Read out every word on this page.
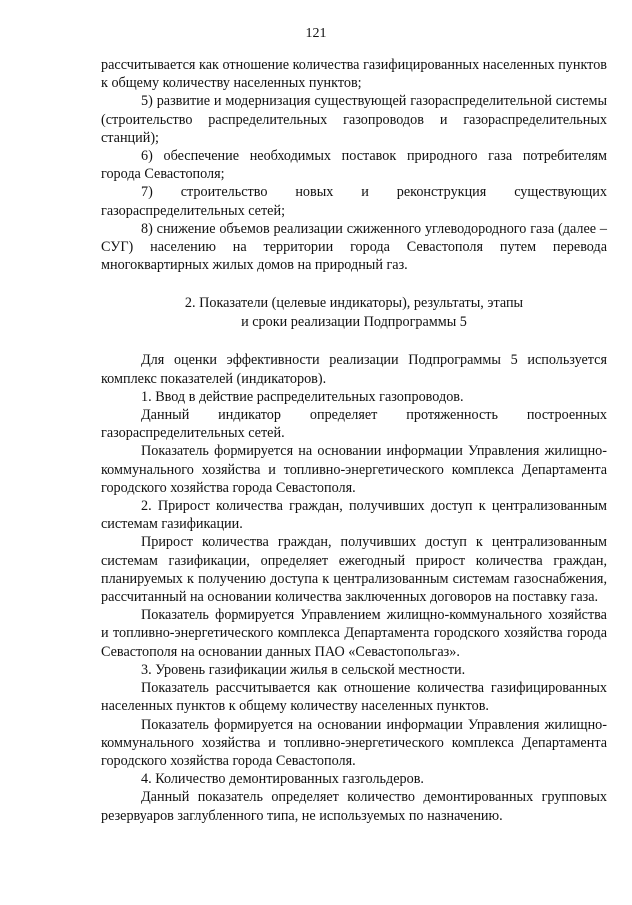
121

рассчитывается как отношение количества газифицированных населенных пунктов к общему количеству населенных пунктов;

5) развитие и модернизация существующей газораспределительной системы (строительство распределительных газопроводов и газораспределительных станций);

6) обеспечение необходимых поставок природного газа потребителям города Севастополя;

7) строительство новых и реконструкция существующих газораспределительных сетей;

8) снижение объемов реализации сжиженного углеводородного газа (далее – СУГ) населению на территории города Севастополя путем перевода многоквартирных жилых домов на природный газ.

2. Показатели (целевые индикаторы), результаты, этапы
и сроки реализации Подпрограммы 5

Для оценки эффективности реализации Подпрограммы 5 используется комплекс показателей (индикаторов).

1. Ввод в действие распределительных газопроводов.

Данный индикатор определяет протяженность построенных газораспределительных сетей.

Показатель формируется на основании информации Управления жилищно-коммунального хозяйства и топливно-энергетического комплекса Департамента городского хозяйства города Севастополя.

2. Прирост количества граждан, получивших доступ к централизованным системам газификации.

Прирост количества граждан, получивших доступ к централизованным системам газификации, определяет ежегодный прирост количества граждан, планируемых к получению доступа к централизованным системам газоснабжения, рассчитанный на основании количества заключенных договоров на поставку газа.

Показатель формируется Управлением жилищно-коммунального хозяйства и топливно-энергетического комплекса Департамента городского хозяйства города Севастополя на основании данных ПАО «Севастопольгаз».

3. Уровень газификации жилья в сельской местности.

Показатель рассчитывается как отношение количества газифицированных населенных пунктов к общему количеству населенных пунктов.

Показатель формируется на основании информации Управления жилищно-коммунального хозяйства и топливно-энергетического комплекса Департамента городского хозяйства города Севастополя.

4. Количество демонтированных газгольдеров.

Данный показатель определяет количество демонтированных групповых резервуаров заглубленного типа, не используемых по назначению.
